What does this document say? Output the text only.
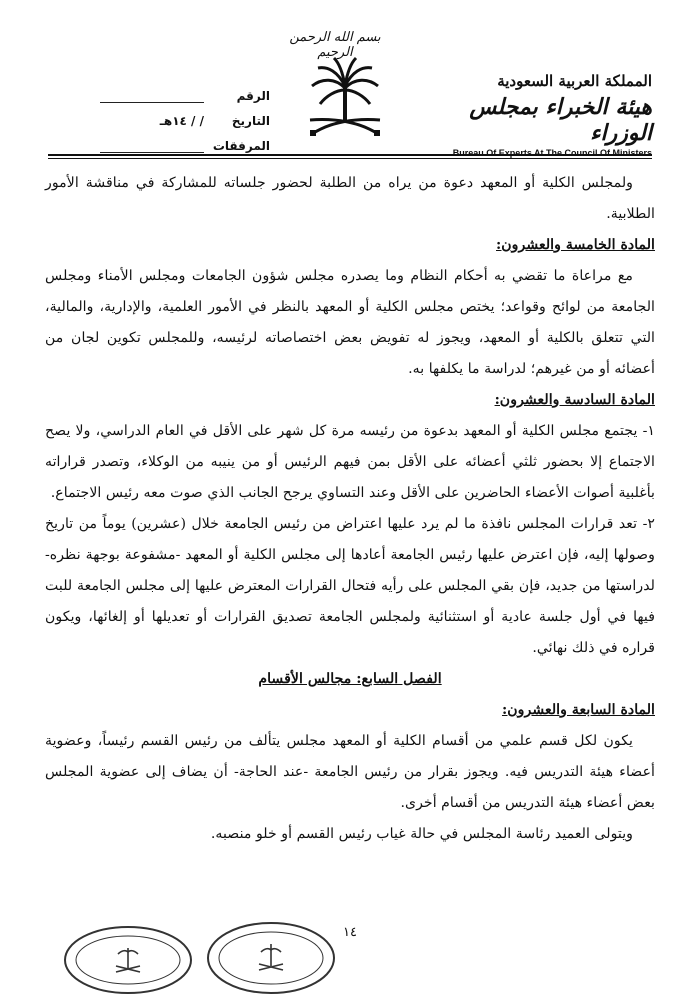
بسم الله الرحمن الرحيم
الرقم
التاريخ
/ / ١٤هـ
المرفقات
المملكة العربية السعودية
هيئة الخبراء بمجلس الوزراء
Bureau Of Experts At The Council Of Ministers

ولمجلس الكلية أو المعهد دعوة من يراه من الطلبة لحضور جلساته للمشاركة في مناقشة الأمور الطلابية.

المادة الخامسة والعشرون:

مع مراعاة ما تقضي به أحكام النظام وما يصدره مجلس شؤون الجامعات ومجلس الأمناء ومجلس الجامعة من لوائح وقواعد؛ يختص مجلس الكلية أو المعهد بالنظر في الأمور العلمية، والإدارية، والمالية، التي تتعلق بالكلية أو المعهد، ويجوز له تفويض بعض اختصاصاته لرئيسه، وللمجلس تكوين لجان من أعضائه أو من غيرهم؛ لدراسة ما يكلفها به.

المادة السادسة والعشرون:

١- يجتمع مجلس الكلية أو المعهد بدعوة من رئيسه مرة كل شهر على الأقل في العام الدراسي، ولا يصح الاجتماع إلا بحضور ثلثي أعضائه على الأقل بمن فيهم الرئيس أو من ينيبه من الوكلاء، وتصدر قراراته بأغلبية أصوات الأعضاء الحاضرين على الأقل وعند التساوي يرجح الجانب الذي صوت معه رئيس الاجتماع.

٢- تعد قرارات المجلس نافذة ما لم يرد عليها اعتراض من رئيس الجامعة خلال (عشرين) يوماً من تاريخ وصولها إليه، فإن اعترض عليها رئيس الجامعة أعادها إلى مجلس الكلية أو المعهد -مشفوعة بوجهة نظره- لدراستها من جديد، فإن بقي المجلس على رأيه فتحال القرارات المعترض عليها إلى مجلس الجامعة للبت فيها في أول جلسة عادية أو استثنائية ولمجلس الجامعة تصديق القرارات أو تعديلها أو إلغائها، ويكون قراره في ذلك نهائي.

الفصل السابع: مجالس الأقسام

المادة السابعة والعشرون:

يكون لكل قسم علمي من أقسام الكلية أو المعهد مجلس يتألف من رئيس القسم رئيساً، وعضوية أعضاء هيئة التدريس فيه. ويجوز بقرار من رئيس الجامعة -عند الحاجة- أن يضاف إلى عضوية المجلس بعض أعضاء هيئة التدريس من أقسام أخرى.

ويتولى العميد رئاسة المجلس في حالة غياب رئيس القسم أو خلو منصبه.

١٤
